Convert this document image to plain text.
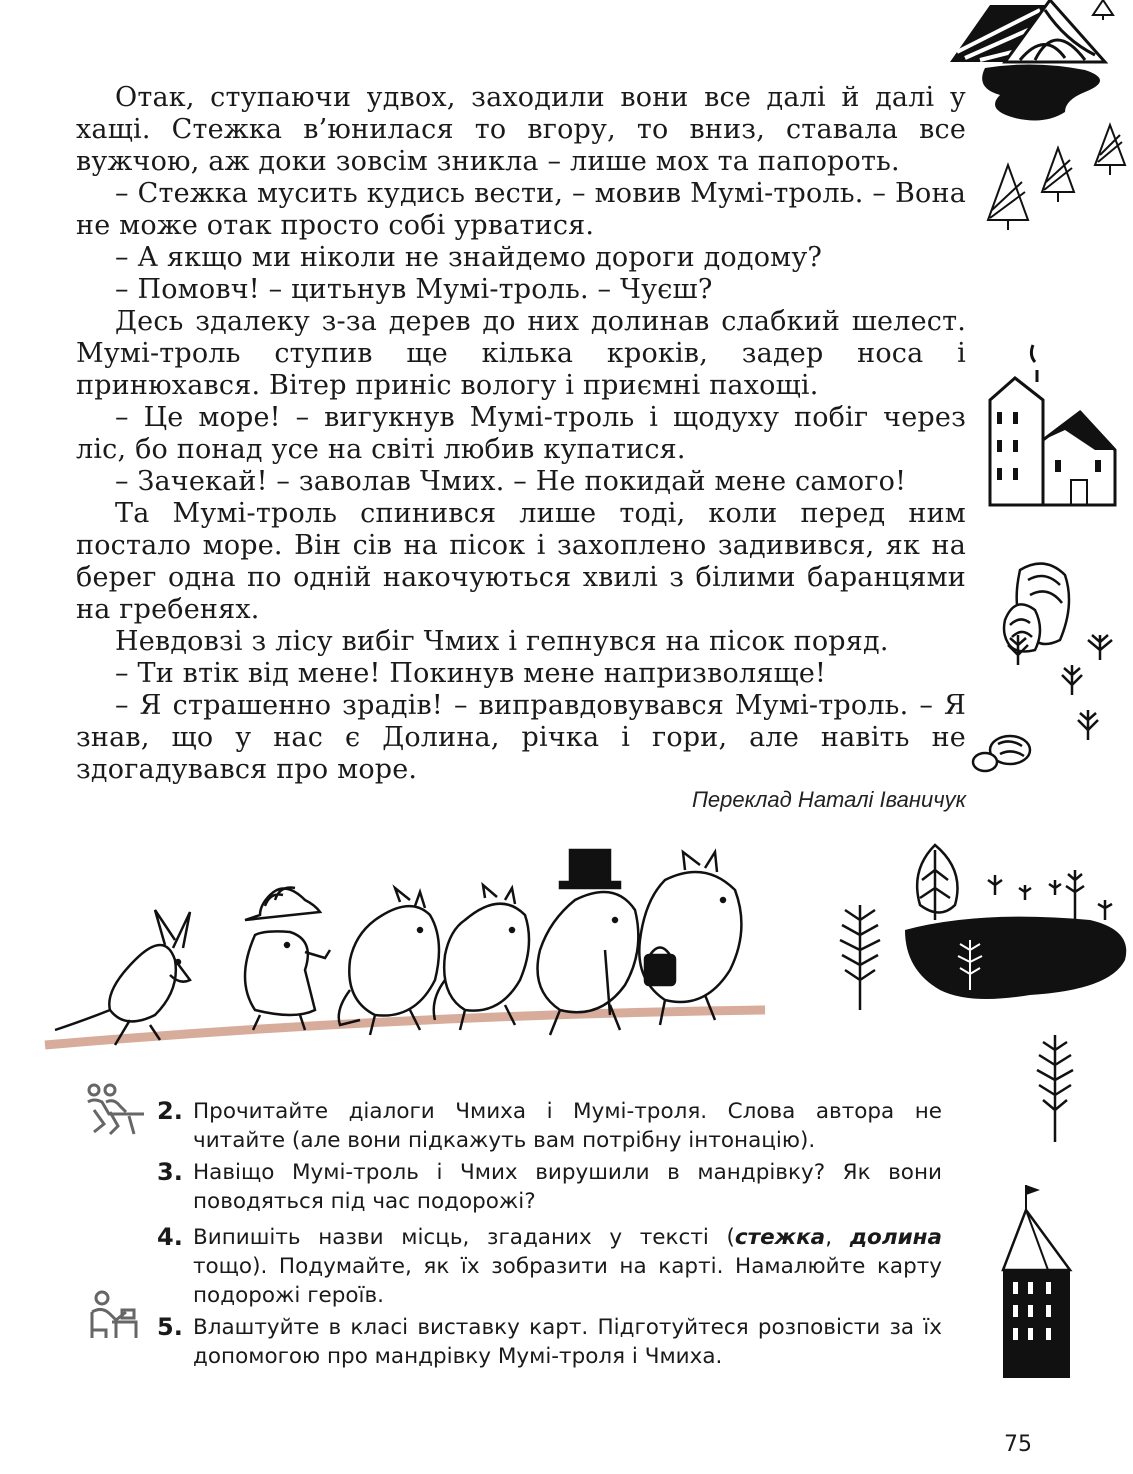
Отак, ступаючи удвох, заходили вони все далі й далі у хащі. Стежка в’юнилася то вгору, то вниз, ставала все вужчою, аж доки зовсім зникла – лише мох та папороть.

– Стежка мусить кудись вести, – мовив Мумі-троль. – Вона не може отак просто собі урватися.

– А якщо ми ніколи не знайдемо дороги додому?

– Помовч! – цитьнув Мумі-троль. – Чуєш?

Десь здалеку з-за дерев до них долинав слабкий шелест. Мумі-троль ступив ще кілька кроків, задер носа і принюхався. Вітер приніс вологу і приємні пахощі.

– Це море! – вигукнув Мумі-троль і щодуху побіг через ліс, бо понад усе на світі любив купатися.

– Зачекай! – заволав Чмих. – Не покидай мене самого!

Та Мумі-троль спинився лише тоді, коли перед ним постало море. Він сів на пісок і захоплено задивився, як на берег одна по одній накочуються хвилі з білими баранцями на гребенях.

Невдовзі з лісу вибіг Чмих і гепнувся на пісок поряд.

– Ти втік від мене! Покинув мене напризволяще!

– Я страшенно зрадів! – виправдовувався Мумі-троль. – Я знав, що у нас є Долина, річка і гори, але навіть не здогадувався про море.

Переклад Наталі Іваничук
2. Прочитайте діалоги Чмиха і Мумі-троля. Слова автора не читайте (але вони підкажуть вам потрібну інтонацію).
3. Навіщо Мумі-троль і Чмих вирушили в мандрівку? Як вони поводяться під час подорожі?
4. Випишіть назви місць, згаданих у тексті (стежка, долина тощо). Подумайте, як їх зобразити на карті. Намалюйте карту подорожі героїв.
5. Влаштуйте в класі виставку карт. Підготуйтеся розповісти за їх допомогою про мандрівку Мумі-троля і Чмиха.
75
